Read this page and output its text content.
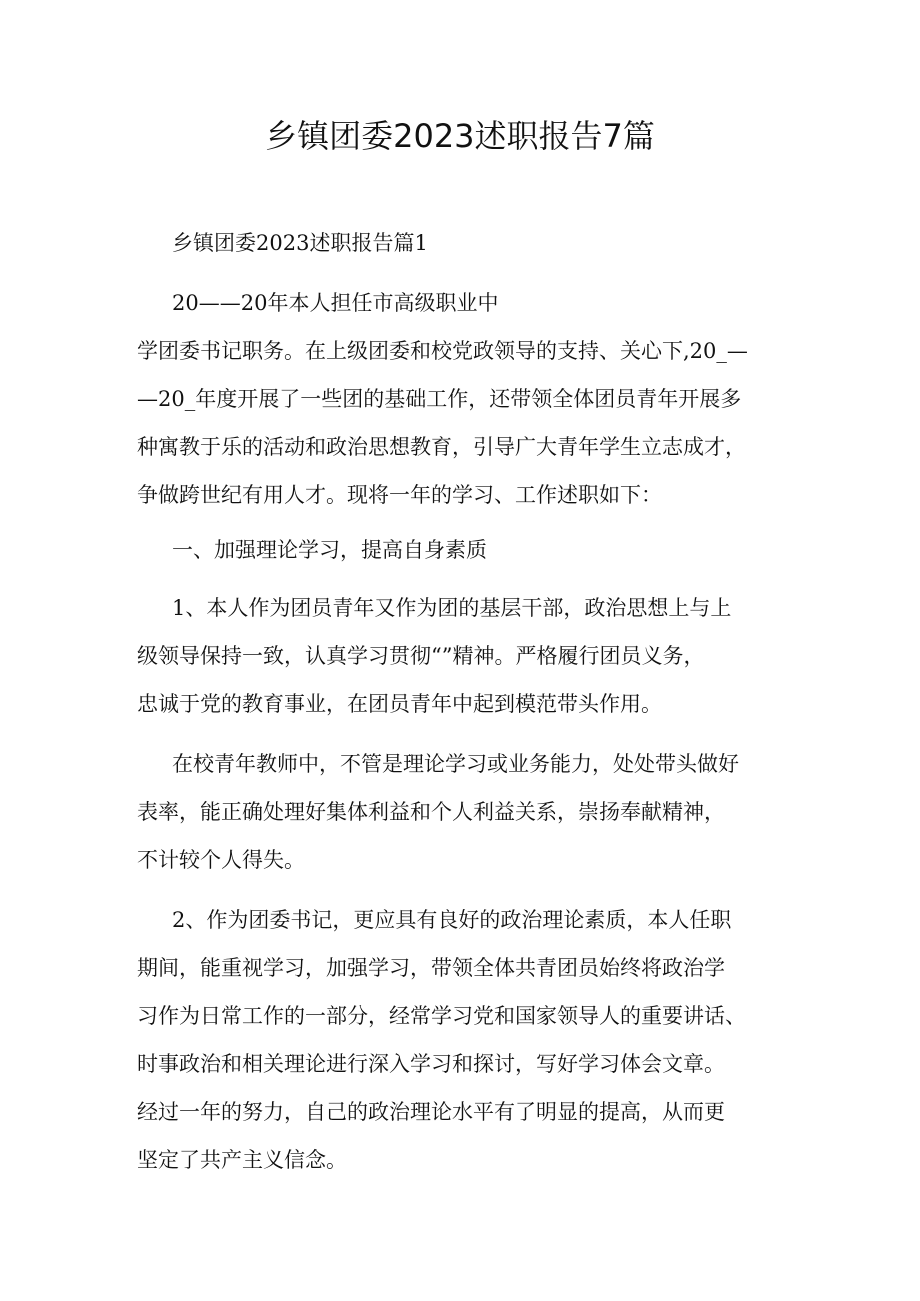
乡镇团委2023述职报告7篇
乡镇团委2023述职报告篇1
20——20年本人担任市高级职业中
学团委书记职务。在上级团委和校党政领导的支持、关心下,20_—
—20_年度开展了一些团的基础工作，还带领全体团员青年开展多
种寓教于乐的活动和政治思想教育，引导广大青年学生立志成才，
争做跨世纪有用人才。现将一年的学习、工作述职如下：
一、加强理论学习，提高自身素质
1、本人作为团员青年又作为团的基层干部，政治思想上与上
级领导保持一致，认真学习贯彻“”精神。严格履行团员义务，
忠诚于党的教育事业，在团员青年中起到模范带头作用。
在校青年教师中，不管是理论学习或业务能力，处处带头做好
表率，能正确处理好集体利益和个人利益关系，崇扬奉献精神，
不计较个人得失。
2、作为团委书记，更应具有良好的政治理论素质，本人任职
期间，能重视学习，加强学习，带领全体共青团员始终将政治学
习作为日常工作的一部分，经常学习党和国家领导人的重要讲话、
时事政治和相关理论进行深入学习和探讨，写好学习体会文章。
经过一年的努力，自己的政治理论水平有了明显的提高，从而更
坚定了共产主义信念。
